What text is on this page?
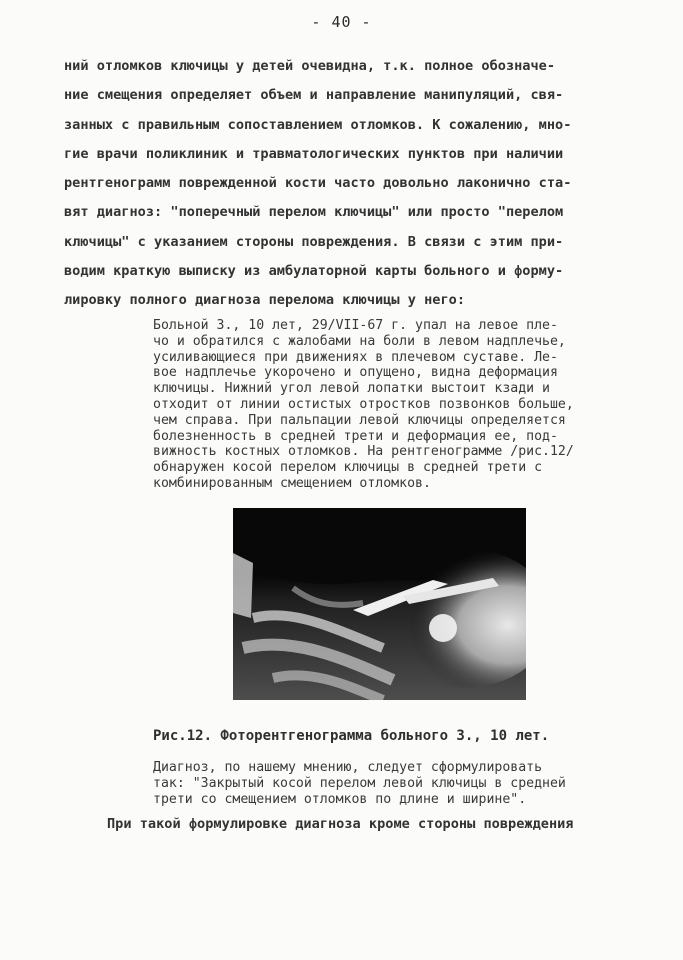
- 40 -
ний отломков ключицы у детей очевидна, т.к. полное обозначе-
ние смещения определяет объем и направление манипуляций, свя-
занных с правильным сопоставлением отломков. К сожалению, мно-
гие врачи поликлиник и травматологических пунктов при наличии
рентгенограмм поврежденной кости часто довольно лаконично ста-
вят диагноз: "поперечный перелом ключицы" или просто "перелом
ключицы" с указанием стороны повреждения. В связи с этим при-
водим краткую выписку из амбулаторной карты больного и форму-
лировку полного диагноза перелома ключицы у него:
Больной З., 10 лет, 29/VII-67 г. упал на левое пле-
чо и обратился с жалобами на боли в левом надплечье,
усиливающиеся при движениях в плечевом суставе. Ле-
вое надплечье укорочено и опущено, видна деформация
ключицы. Нижний угол левой лопатки выстоит кзади и
отходит от линии остистых отростков позвонков больше,
чем справа. При пальпации левой ключицы определяется
болезненность в средней трети и деформация ее, под-
вижность костных отломков. На рентгенограмме /рис.12/
обнаружен косой перелом ключицы в средней трети с
комбинированным смещением отломков.
Рис.12. Фоторентгенограмма больного З., 10 лет.
Диагноз, по нашему мнению, следует сформулировать
так: "Закрытый косой перелом левой ключицы в средней
трети со смещением отломков по длине и ширине".
При такой формулировке диагноза кроме стороны повреждения
